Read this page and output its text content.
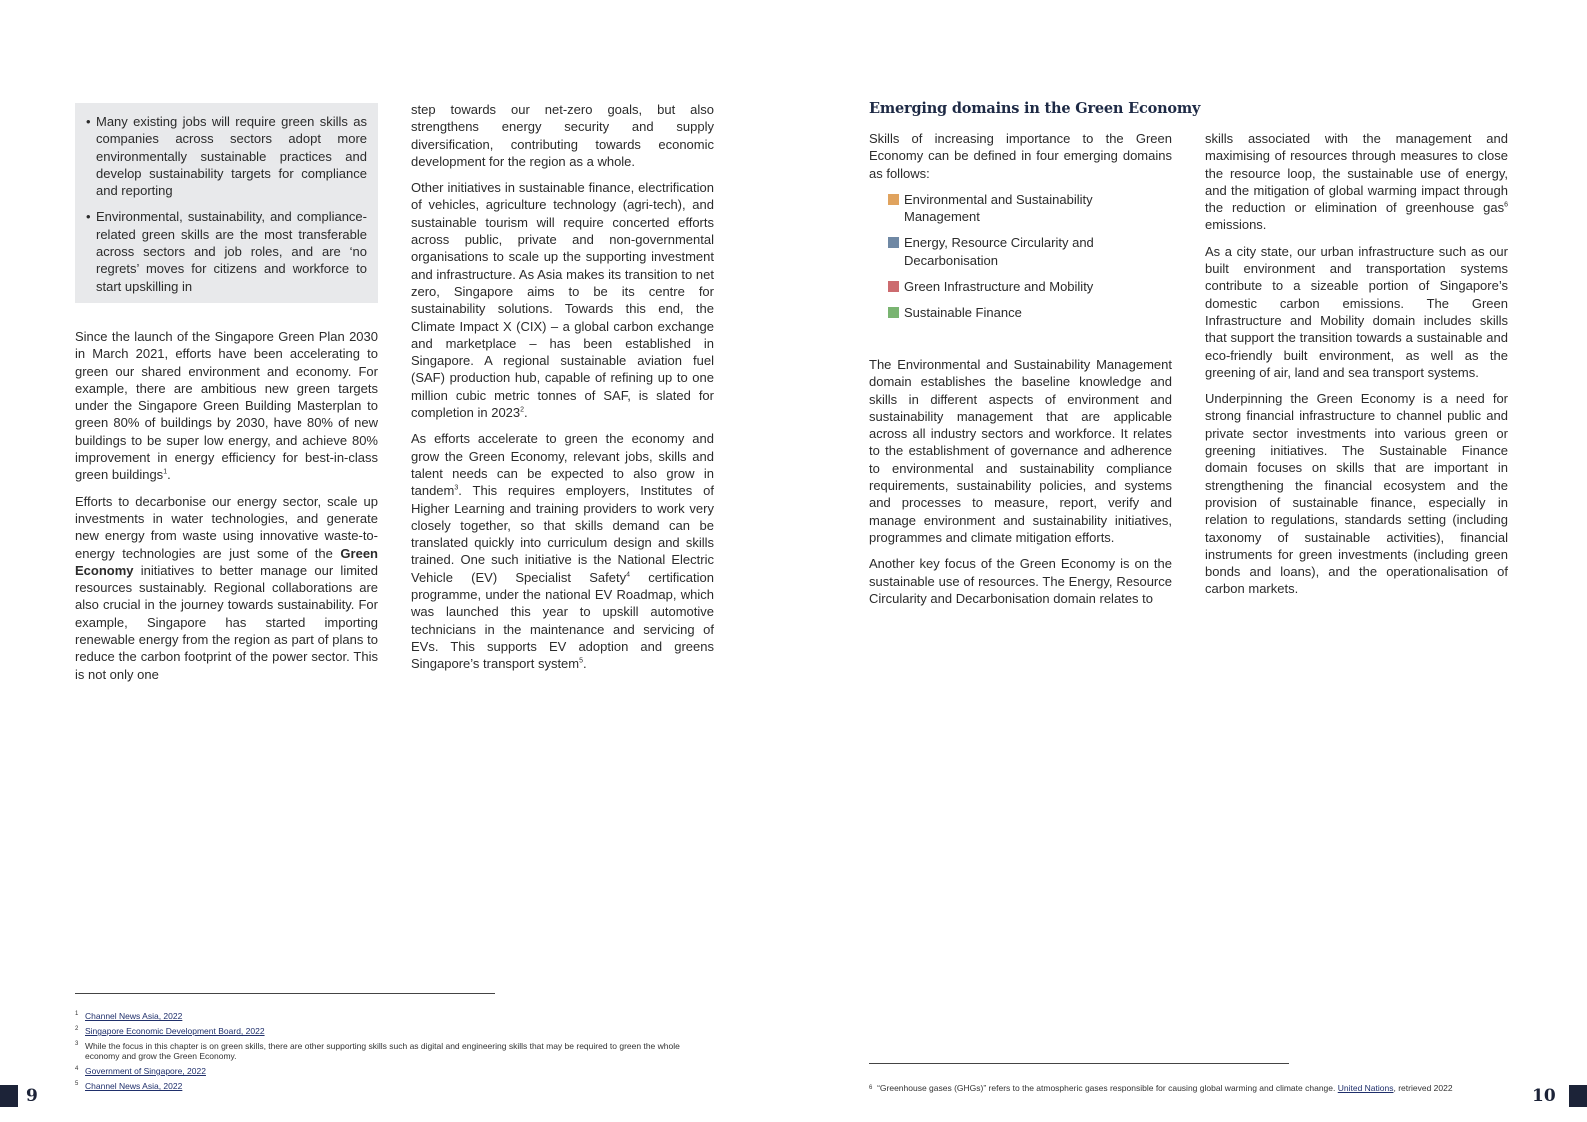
• Many existing jobs will require green skills as companies across sectors adopt more environmentally sustainable practices and develop sustainability targets for compliance and reporting
• Environmental, sustainability, and compliance-related green skills are the most transferable across sectors and job roles, and are ‘no regrets’ moves for citizens and workforce to start upskilling in

Since the launch of the Singapore Green Plan 2030 in March 2021, efforts have been accelerating to green our shared environment and economy. For example, there are ambitious new green targets under the Singapore Green Building Masterplan to green 80% of buildings by 2030, have 80% of new buildings to be super low energy, and achieve 80% improvement in energy efficiency for best-in-class green buildings$^1$.

Efforts to decarbonise our energy sector, scale up investments in water technologies, and generate new energy from waste using innovative waste-to-energy technologies are just some of the Green Economy initiatives to better manage our limited resources sustainably. Regional collaborations are also crucial in the journey towards sustainability. For example, Singapore has started importing renewable energy from the region as part of plans to reduce the carbon footprint of the power sector. This is not only one

step towards our net-zero goals, but also strengthens energy security and supply diversification, contributing towards economic development for the region as a whole.

Other initiatives in sustainable finance, electrification of vehicles, agriculture technology (agri-tech), and sustainable tourism will require concerted efforts across public, private and non-governmental organisations to scale up the supporting investment and infrastructure. As Asia makes its transition to net zero, Singapore aims to be its centre for sustainability solutions. Towards this end, the Climate Impact X (CIX) – a global carbon exchange and marketplace – has been established in Singapore. A regional sustainable aviation fuel (SAF) production hub, capable of refining up to one million cubic metric tonnes of SAF, is slated for completion in 2023$^2$.

As efforts accelerate to green the economy and grow the Green Economy, relevant jobs, skills and talent needs can be expected to also grow in tandem$^3$. This requires employers, Institutes of Higher Learning and training providers to work very closely together, so that skills demand can be translated quickly into curriculum design and skills trained. One such initiative is the National Electric Vehicle (EV) Specialist Safety$^4$ certification programme, under the national EV Roadmap, which was launched this year to upskill automotive technicians in the maintenance and servicing of EVs. This supports EV adoption and greens Singapore’s transport system$^5$.

Emerging domains in the Green Economy

Skills of increasing importance to the Green Economy can be defined in four emerging domains as follows:

Environmental and Sustainability Management
Energy, Resource Circularity and Decarbonisation
Green Infrastructure and Mobility
Sustainable Finance

The Environmental and Sustainability Management domain establishes the baseline knowledge and skills in different aspects of environment and sustainability management that are applicable across all industry sectors and workforce. It relates to the establishment of governance and adherence to environmental and sustainability compliance requirements, sustainability policies, and systems and processes to measure, report, verify and manage environment and sustainability initiatives, programmes and climate mitigation efforts.

Another key focus of the Green Economy is on the sustainable use of resources. The Energy, Resource Circularity and Decarbonisation domain relates to

skills associated with the management and maximising of resources through measures to close the resource loop, the sustainable use of energy, and the mitigation of global warming impact through the reduction or elimination of greenhouse gas$^6$ emissions.

As a city state, our urban infrastructure such as our built environment and transportation systems contribute to a sizeable portion of Singapore’s domestic carbon emissions. The Green Infrastructure and Mobility domain includes skills that support the transition towards a sustainable and eco-friendly built environment, as well as the greening of air, land and sea transport systems.

Underpinning the Green Economy is a need for strong financial infrastructure to channel public and private sector investments into various green or greening initiatives. The Sustainable Finance domain focuses on skills that are important in strengthening the financial ecosystem and the provision of sustainable finance, especially in relation to regulations, standards setting (including taxonomy of sustainable activities), financial instruments for green investments (including green bonds and loans), and the operationalisation of carbon markets.

1 Channel News Asia, 2022
2 Singapore Economic Development Board, 2022
3 While the focus in this chapter is on green skills, there are other supporting skills such as digital and engineering skills that may be required to green the whole economy and grow the Green Economy.
4 Government of Singapore, 2022
5 Channel News Asia, 2022	$^6$ “Greenhouse gases (GHGs)” refers to the atmospheric gases responsible for causing global warming and climate change. United Nations, retrieved 2022
9	10
